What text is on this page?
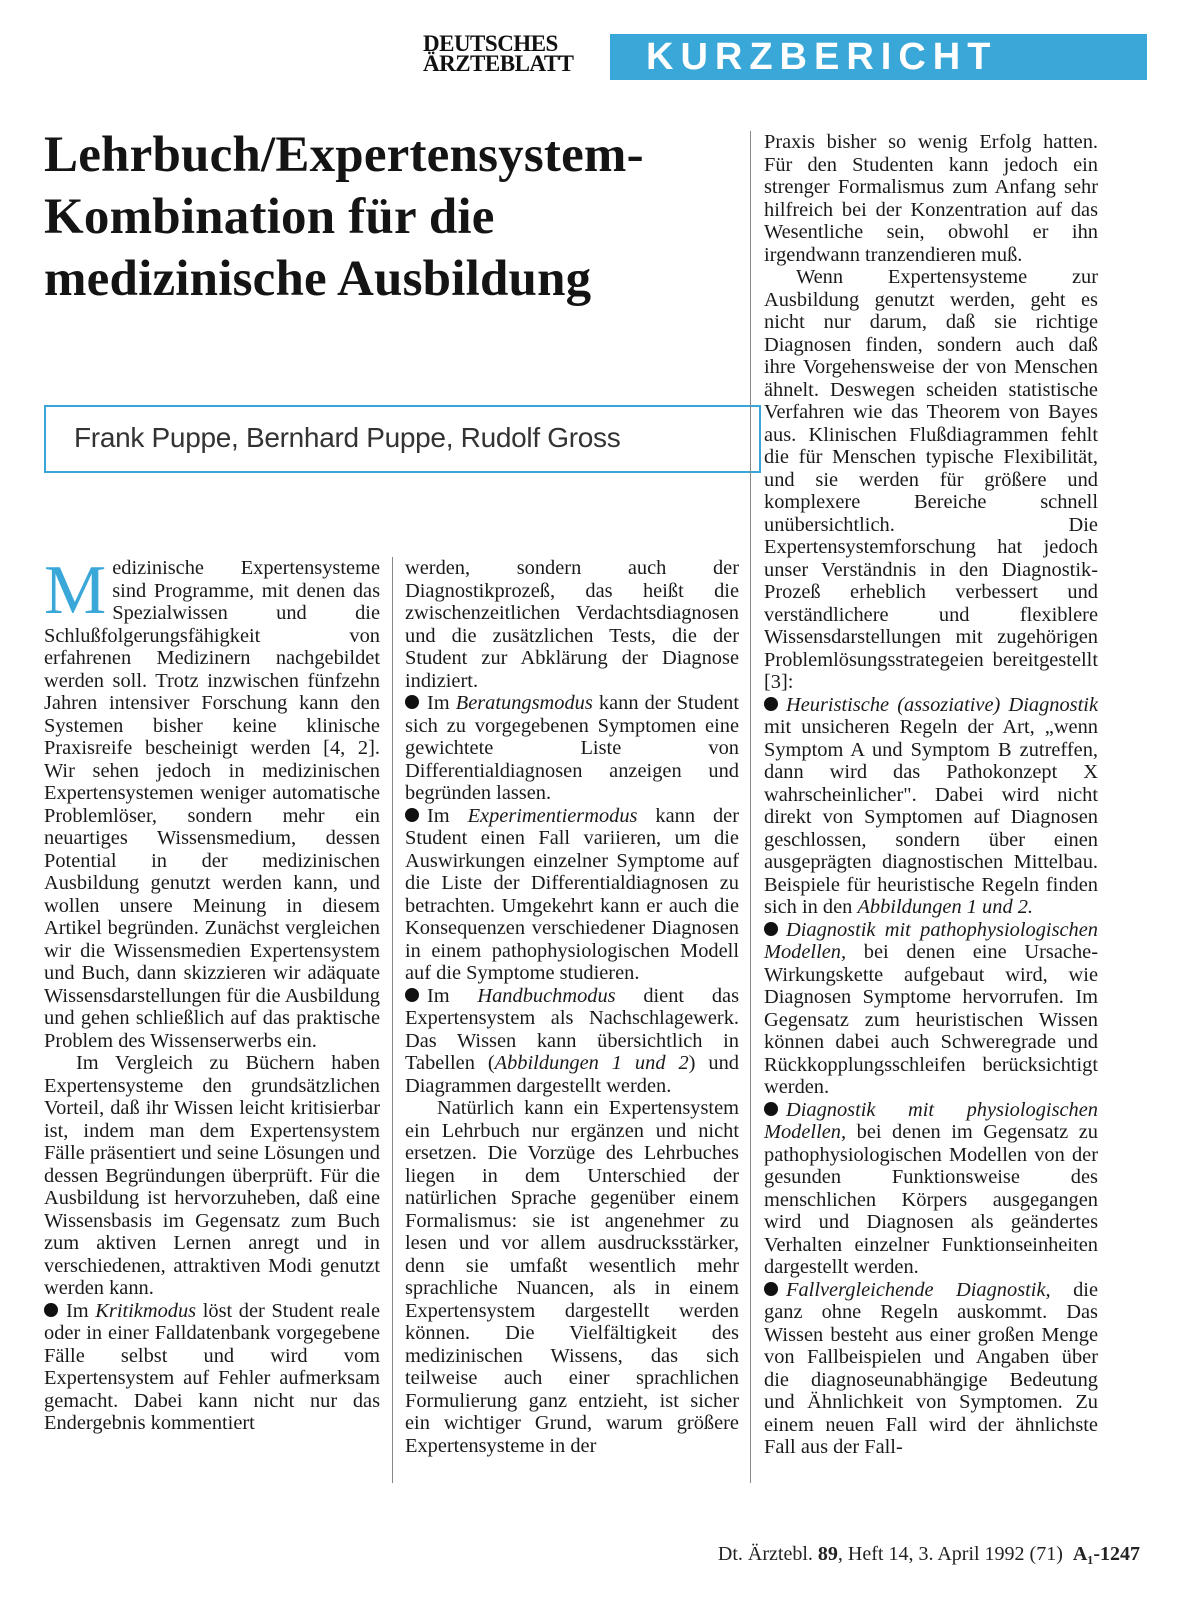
DEUTSCHES
ÄRZTEBLATT	KURZBERICHT
Lehrbuch/Expertensystem-
Kombination für die
medizinische Ausbildung
Frank Puppe, Bernhard Puppe, Rudolf Gross

Medizinische Expertensysteme sind Programme, mit denen das Spezialwissen und die Schlußfolgerungsfähigkeit von erfahrenen Medizinern nachgebildet werden soll. Trotz inzwischen fünfzehn Jahren intensiver Forschung kann den Systemen bisher keine klinische Praxisreife bescheinigt werden [4, 2]. Wir sehen jedoch in medizinischen Expertensystemen weniger automatische Problemlöser, sondern mehr ein neuartiges Wissensmedium, dessen Potential in der medizinischen Ausbildung genutzt werden kann, und wollen unsere Meinung in diesem Artikel begründen. Zunächst vergleichen wir die Wissensmedien Expertensystem und Buch, dann skizzieren wir adäquate Wissensdarstellungen für die Ausbildung und gehen schließlich auf das praktische Problem des Wissenserwerbs ein.

Im Vergleich zu Büchern haben Expertensysteme den grundsätzlichen Vorteil, daß ihr Wissen leicht kritisierbar ist, indem man dem Expertensystem Fälle präsentiert und seine Lösungen und dessen Begründungen überprüft. Für die Ausbildung ist hervorzuheben, daß eine Wissensbasis im Gegensatz zum Buch zum aktiven Lernen anregt und in verschiedenen, attraktiven Modi genutzt werden kann.

Im Kritikmodus löst der Student reale oder in einer Falldatenbank vorgegebene Fälle selbst und wird vom Expertensystem auf Fehler aufmerksam gemacht. Dabei kann nicht nur das Endergebnis kommentiert

werden, sondern auch der Diagnostikprozeß, das heißt die zwischenzeitlichen Verdachtsdiagnosen und die zusätzlichen Tests, die der Student zur Abklärung der Diagnose indiziert.

Im Beratungsmodus kann der Student sich zu vorgegebenen Symptomen eine gewichtete Liste von Differentialdiagnosen anzeigen und begründen lassen.

Im Experimentiermodus kann der Student einen Fall variieren, um die Auswirkungen einzelner Symptome auf die Liste der Differentialdiagnosen zu betrachten. Umgekehrt kann er auch die Konsequenzen verschiedener Diagnosen in einem pathophysiologischen Modell auf die Symptome studieren.

Im Handbuchmodus dient das Expertensystem als Nachschlagewerk. Das Wissen kann übersichtlich in Tabellen (Abbildungen 1 und 2) und Diagrammen dargestellt werden.

Natürlich kann ein Expertensystem ein Lehrbuch nur ergänzen und nicht ersetzen. Die Vorzüge des Lehrbuches liegen in dem Unterschied der natürlichen Sprache gegenüber einem Formalismus: sie ist angenehmer zu lesen und vor allem ausdrucksstärker, denn sie umfaßt wesentlich mehr sprachliche Nuancen, als in einem Expertensystem dargestellt werden können. Die Vielfältigkeit des medizinischen Wissens, das sich teilweise auch einer sprachlichen Formulierung ganz entzieht, ist sicher ein wichtiger Grund, warum größere Expertensysteme in der

Praxis bisher so wenig Erfolg hatten. Für den Studenten kann jedoch ein strenger Formalismus zum Anfang sehr hilfreich bei der Konzentration auf das Wesentliche sein, obwohl er ihn irgendwann tranzendieren muß.

Wenn Expertensysteme zur Ausbildung genutzt werden, geht es nicht nur darum, daß sie richtige Diagnosen finden, sondern auch daß ihre Vorgehensweise der von Menschen ähnelt. Deswegen scheiden statistische Verfahren wie das Theorem von Bayes aus. Klinischen Flußdiagrammen fehlt die für Menschen typische Flexibilität, und sie werden für größere und komplexere Bereiche schnell unübersichtlich. Die Expertensystemforschung hat jedoch unser Verständnis in den Diagnostik-Prozeß erheblich verbessert und verständlichere und flexiblere Wissensdarstellungen mit zugehörigen Problemlösungsstrategeien bereitgestellt [3]:

Heuristische (assoziative) Diagnostik mit unsicheren Regeln der Art, „wenn Symptom A und Symptom B zutreffen, dann wird das Pathokonzept X wahrscheinlicher". Dabei wird nicht direkt von Symptomen auf Diagnosen geschlossen, sondern über einen ausgeprägten diagnostischen Mittelbau. Beispiele für heuristische Regeln finden sich in den Abbildungen 1 und 2.

Diagnostik mit pathophysiologischen Modellen, bei denen eine Ursache-Wirkungskette aufgebaut wird, wie Diagnosen Symptome hervorrufen. Im Gegensatz zum heuristischen Wissen können dabei auch Schweregrade und Rückkopplungsschleifen berücksichtigt werden.

Diagnostik mit physiologischen Modellen, bei denen im Gegensatz zu pathophysiologischen Modellen von der gesunden Funktionsweise des menschlichen Körpers ausgegangen wird und Diagnosen als geändertes Verhalten einzelner Funktionseinheiten dargestellt werden.

Fallvergleichende Diagnostik, die ganz ohne Regeln auskommt. Das Wissen besteht aus einer großen Menge von Fallbeispielen und Angaben über die diagnoseunabhängige Bedeutung und Ähnlichkeit von Symptomen. Zu einem neuen Fall wird der ähnlichste Fall aus der Fall-

Dt. Ärztebl. 89, Heft 14, 3. April 1992 (71) A₁-1247
